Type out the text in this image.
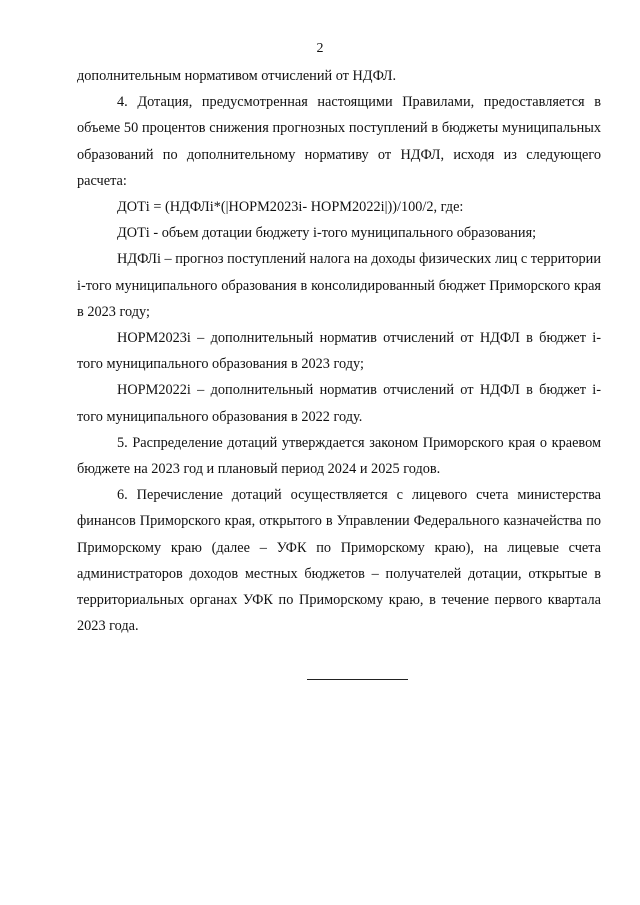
2

дополнительным нормативом отчислений от НДФЛ.

4. Дотация, предусмотренная настоящими Правилами, предоставляется в объеме 50 процентов снижения прогнозных поступлений в бюджеты муниципальных образований по дополнительному нормативу от НДФЛ, исходя из следующего расчета:

ДОТi = (НДФЛi*(|НОРМ2023i- НОРМ2022i|))/100/2, где:

ДОТi - объем дотации бюджету i-того муниципального образования;

НДФЛi – прогноз поступлений налога на доходы физических лиц с территории i-того муниципального образования в консолидированный бюджет Приморского края в 2023 году;

НОРМ2023i – дополнительный норматив отчислений от НДФЛ в бюджет i-того муниципального образования в 2023 году;

НОРМ2022i – дополнительный норматив отчислений от НДФЛ в бюджет i-того муниципального образования в 2022 году.

5. Распределение дотаций утверждается законом Приморского края о краевом бюджете на 2023 год и плановый период 2024 и 2025 годов.

6. Перечисление дотаций осуществляется с лицевого счета министерства финансов Приморского края, открытого в Управлении Федерального казначейства по Приморскому краю (далее – УФК по Приморскому краю), на лицевые счета администраторов доходов местных бюджетов – получателей дотации, открытые в территориальных органах УФК по Приморскому краю, в течение первого квартала 2023 года.
